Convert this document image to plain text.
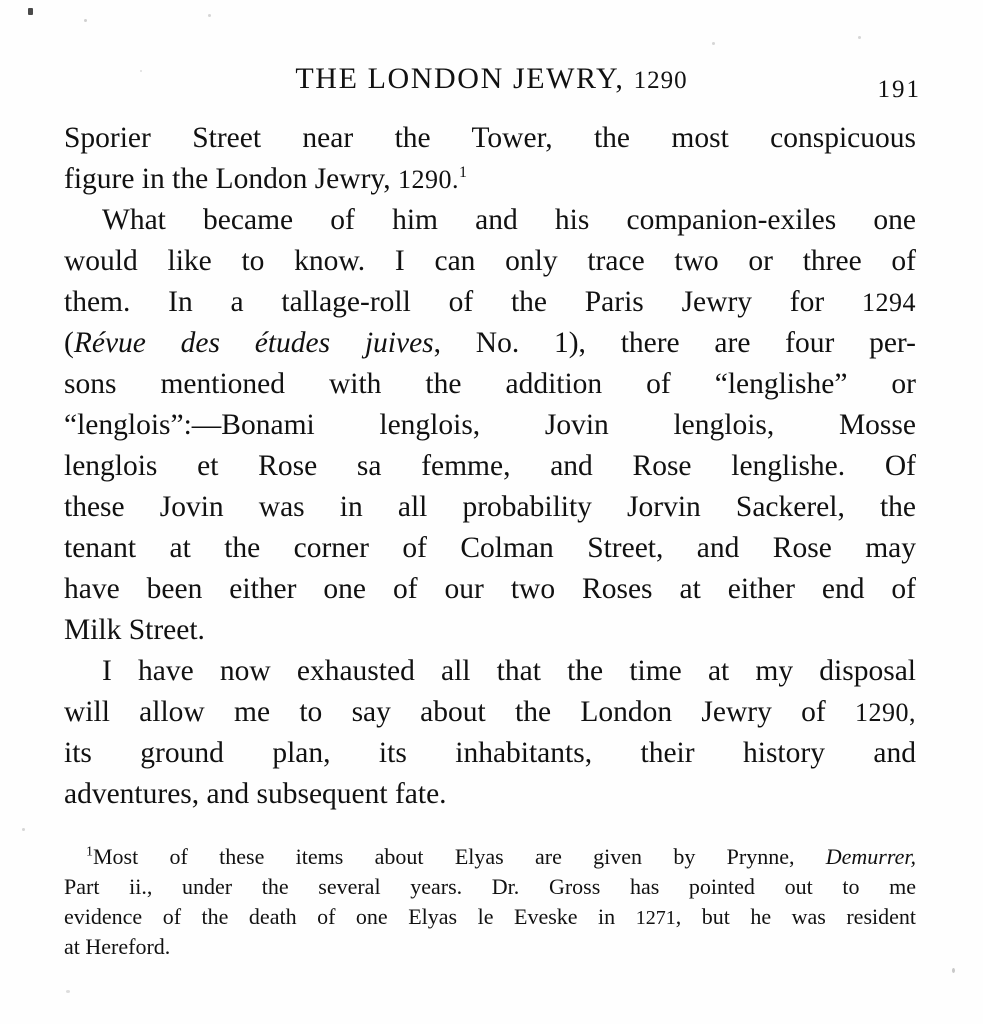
THE LONDON JEWRY, 1290	191
Sporier Street near the Tower, the most conspicuous
figure in the London Jewry, 1290.$^1$
What became of him and his companion-exiles one
would like to know. I can only trace two or three of
them. In a tallage-roll of the Paris Jewry for 1294
(Révue des études juives, No. 1), there are four per-
sons mentioned with the addition of “lenglishe” or
“lenglois”:—Bonami lenglois, Jovin lenglois, Mosse
lenglois et Rose sa femme, and Rose lenglishe. Of
these Jovin was in all probability Jorvin Sackerel, the
tenant at the corner of Colman Street, and Rose may
have been either one of our two Roses at either end of
Milk Street.
I have now exhausted all that the time at my disposal
will allow me to say about the London Jewry of 1290,
its ground plan, its inhabitants, their history and
adventures, and subsequent fate.
$^1$Most of these items about Elyas are given by Prynne, Demurrer,
Part ii., under the several years. Dr. Gross has pointed out to me
evidence of the death of one Elyas le Eveske in 1271, but he was resident
at Hereford.
